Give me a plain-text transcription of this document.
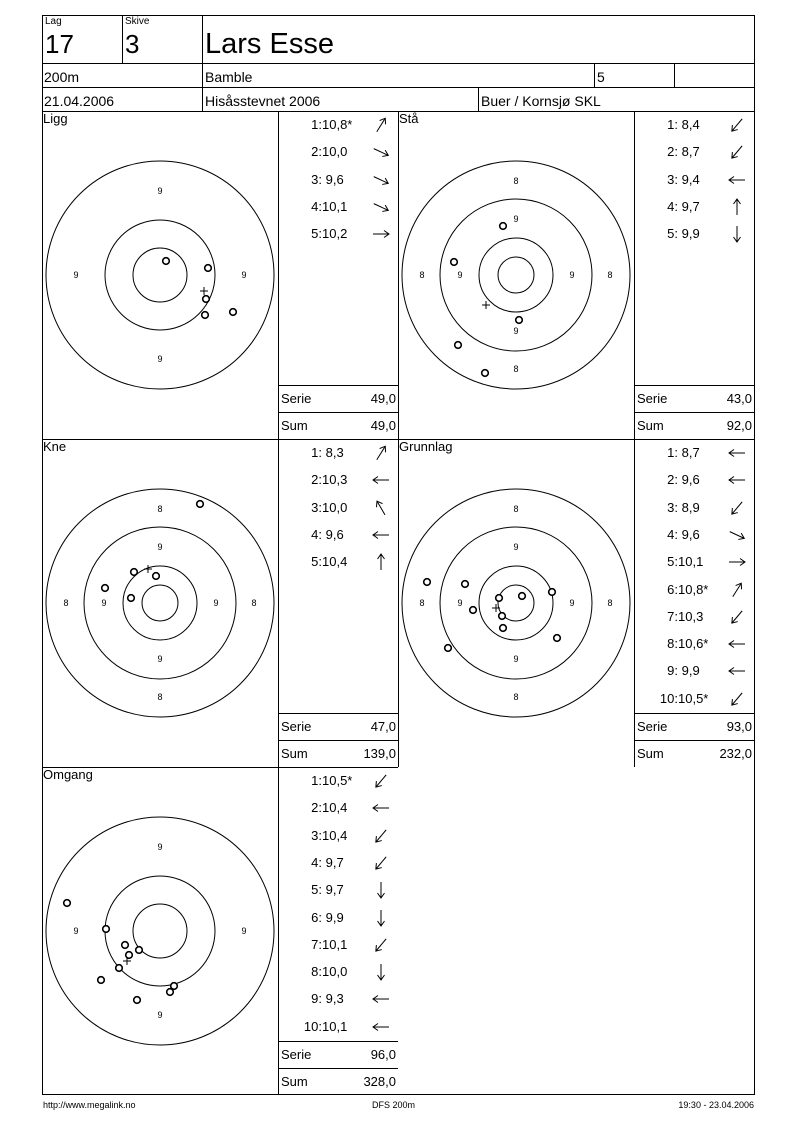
Lag
17
Skive
3 Lars Esse
200m	Bamble	5
21.04.2006	Hisåsstevnet 2006	Buer / Kornsjø SKL
Ligg
9
9
9	9
1: 10,8*
2: 10,0
3: 9,6
4: 10,1
5: 10,2
Serie	49,0
Sum	49,0
Stå
8
8
8	8
9
9
9	9
1: 8,4
2: 8,7
3: 9,4
4: 9,7
5: 9,9
Serie	43,0
Sum	92,0
Kne
8
8
8	8
9
9
9	9
1: 8,3
2: 10,3
3: 10,0
4: 9,6
5: 10,4
Serie	47,0
Sum	139,0
Grunnlag
8
8
8	8
9
9
9	9
1: 8,7
2: 9,6
3: 8,9
4: 9,6
5: 10,1
6: 10,8*
7: 10,3
8: 10,6*
9: 9,9
10: 10,5*
Serie	93,0
Sum	232,0
Omgang
9
9
9	9
1: 10,5*
2: 10,4
3: 10,4
4: 9,7
5: 9,7
6: 9,9
7: 10,1
8: 10,0
9: 9,3
10: 10,1
Serie	96,0
Sum	328,0
http://www.megalink.no	DFS 200m	19:30 - 23.04.2006
